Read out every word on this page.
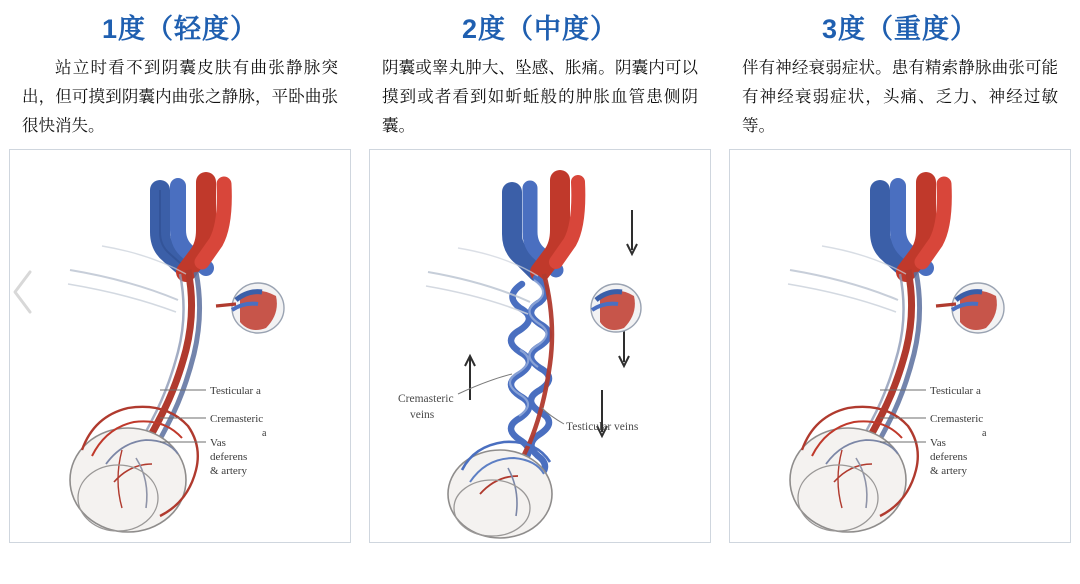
1度（轻度）
站立时看不到阴囊皮肤有曲张静脉突出，但可摸到阴囊内曲张之静脉，平卧曲张很快消失。
Testicular a
Cremasteric
a
Vas
deferens
& artery
2度（中度）
阴囊或睾丸肿大、坠感、胀痛。阴囊内可以摸到或者看到如蚚蚯般的肿胀血管患侧阴囊。
Cremasteric
veins
Testicular veins
3度（重度）
伴有神经衰弱症状。患有精索静脉曲张可能有神经衰弱症状，头痛、乏力、神经过敏等。
Testicular a
Cremasteric
a
Vas
deferens
& artery
